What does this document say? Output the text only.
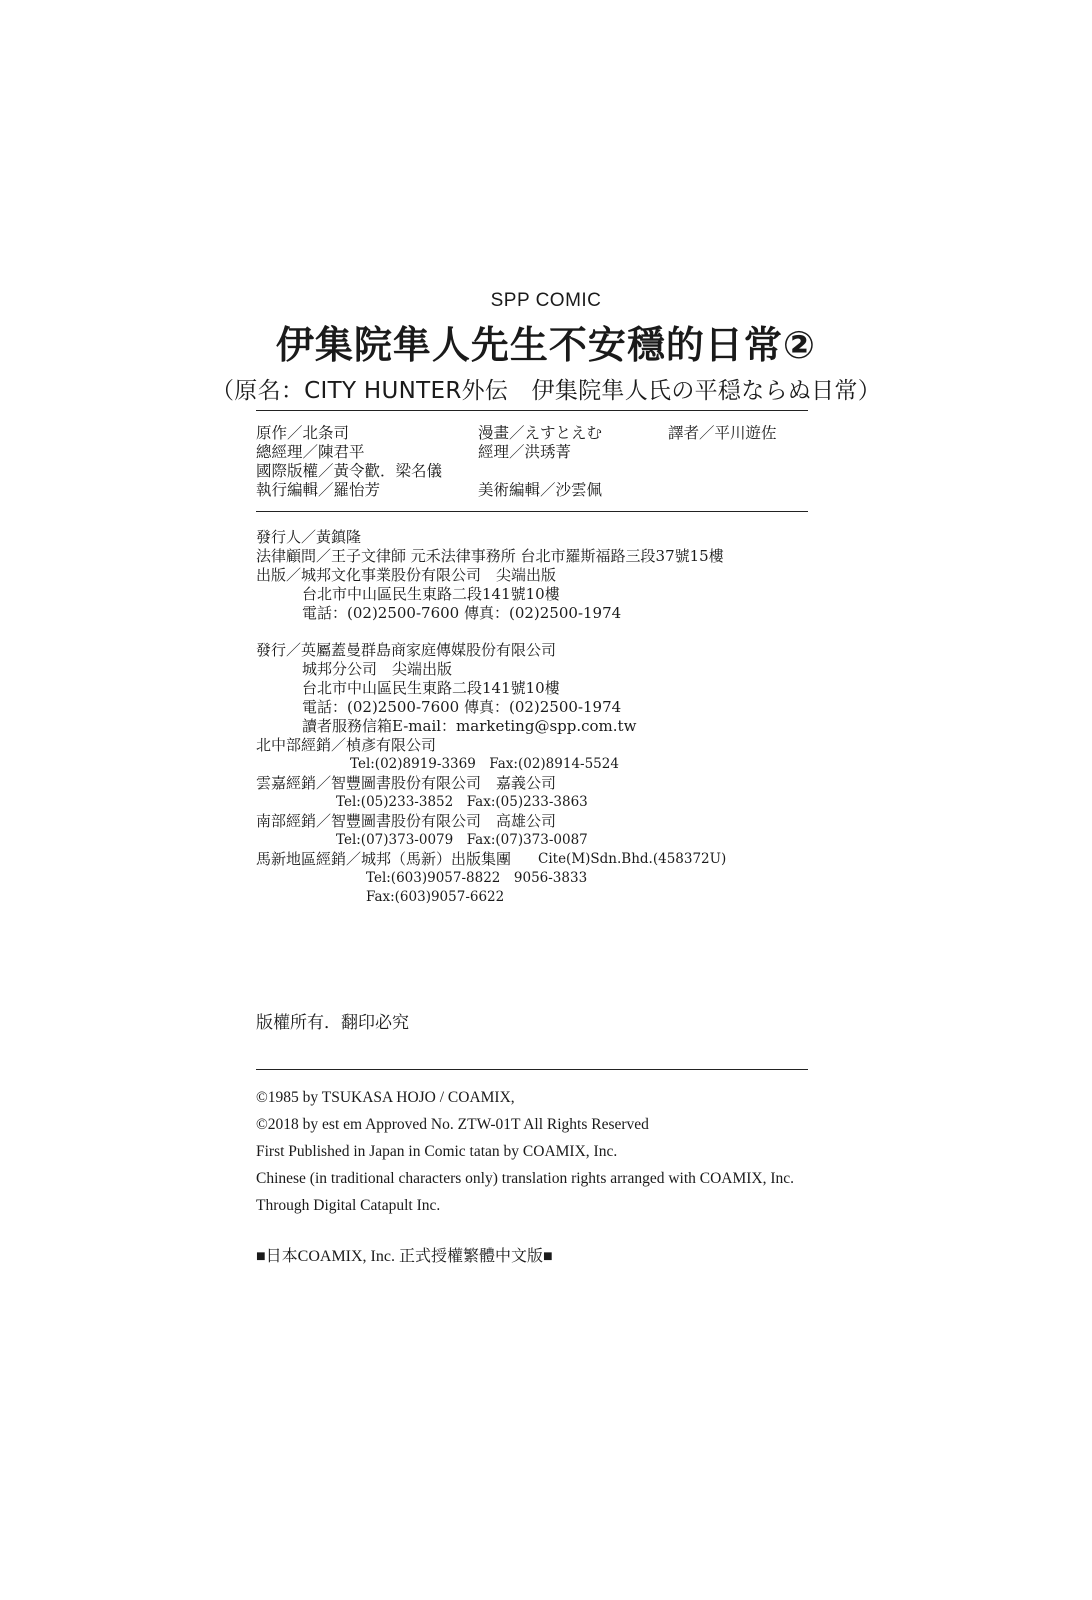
SPP COMIC
伊集院隼人先生不安穩的日常②
（原名：CITY HUNTER外伝　伊集院隼人氏の平穏ならぬ日常）
原作／北条司	漫畫／えすとえむ	譯者／平川遊佐
總經理／陳君平	經理／洪琇菁
國際版權／黃令歡．梁名儀
執行編輯／羅怡芳	美術編輯／沙雲佩
發行人／黃鎮隆
法律顧問／王子文律師 元禾法律事務所 台北市羅斯福路三段37號15樓
出版／城邦文化事業股份有限公司　尖端出版
台北市中山區民生東路二段141號10樓
電話：(02)2500-7600 傳真：(02)2500-1974
發行／英屬蓋曼群島商家庭傳媒股份有限公司
城邦分公司　尖端出版
台北市中山區民生東路二段141號10樓
電話：(02)2500-7600 傳真：(02)2500-1974
讀者服務信箱E-mail：marketing@spp.com.tw
北中部經銷／楨彥有限公司
Tel:(02)8919-3369　Fax:(02)8914-5524
雲嘉經銷／智豐圖書股份有限公司　嘉義公司
Tel:(05)233-3852　Fax:(05)233-3863
南部經銷／智豐圖書股份有限公司　高雄公司
Tel:(07)373-0079　Fax:(07)373-0087
馬新地區經銷／城邦（馬新）出版集團 Cite(M)Sdn.Bhd.(458372U)
Tel:(603)9057-8822　9056-3833
Fax:(603)9057-6622
版權所有．翻印必究
©1985 by TSUKASA HOJO / COAMIX,
©2018 by est em Approved No. ZTW-01T All Rights Reserved
First Published in Japan in Comic tatan by COAMIX, Inc.
Chinese (in traditional characters only) translation rights arranged with COAMIX, Inc.
Through Digital Catapult Inc.
■日本COAMIX, Inc. 正式授權繁體中文版■
